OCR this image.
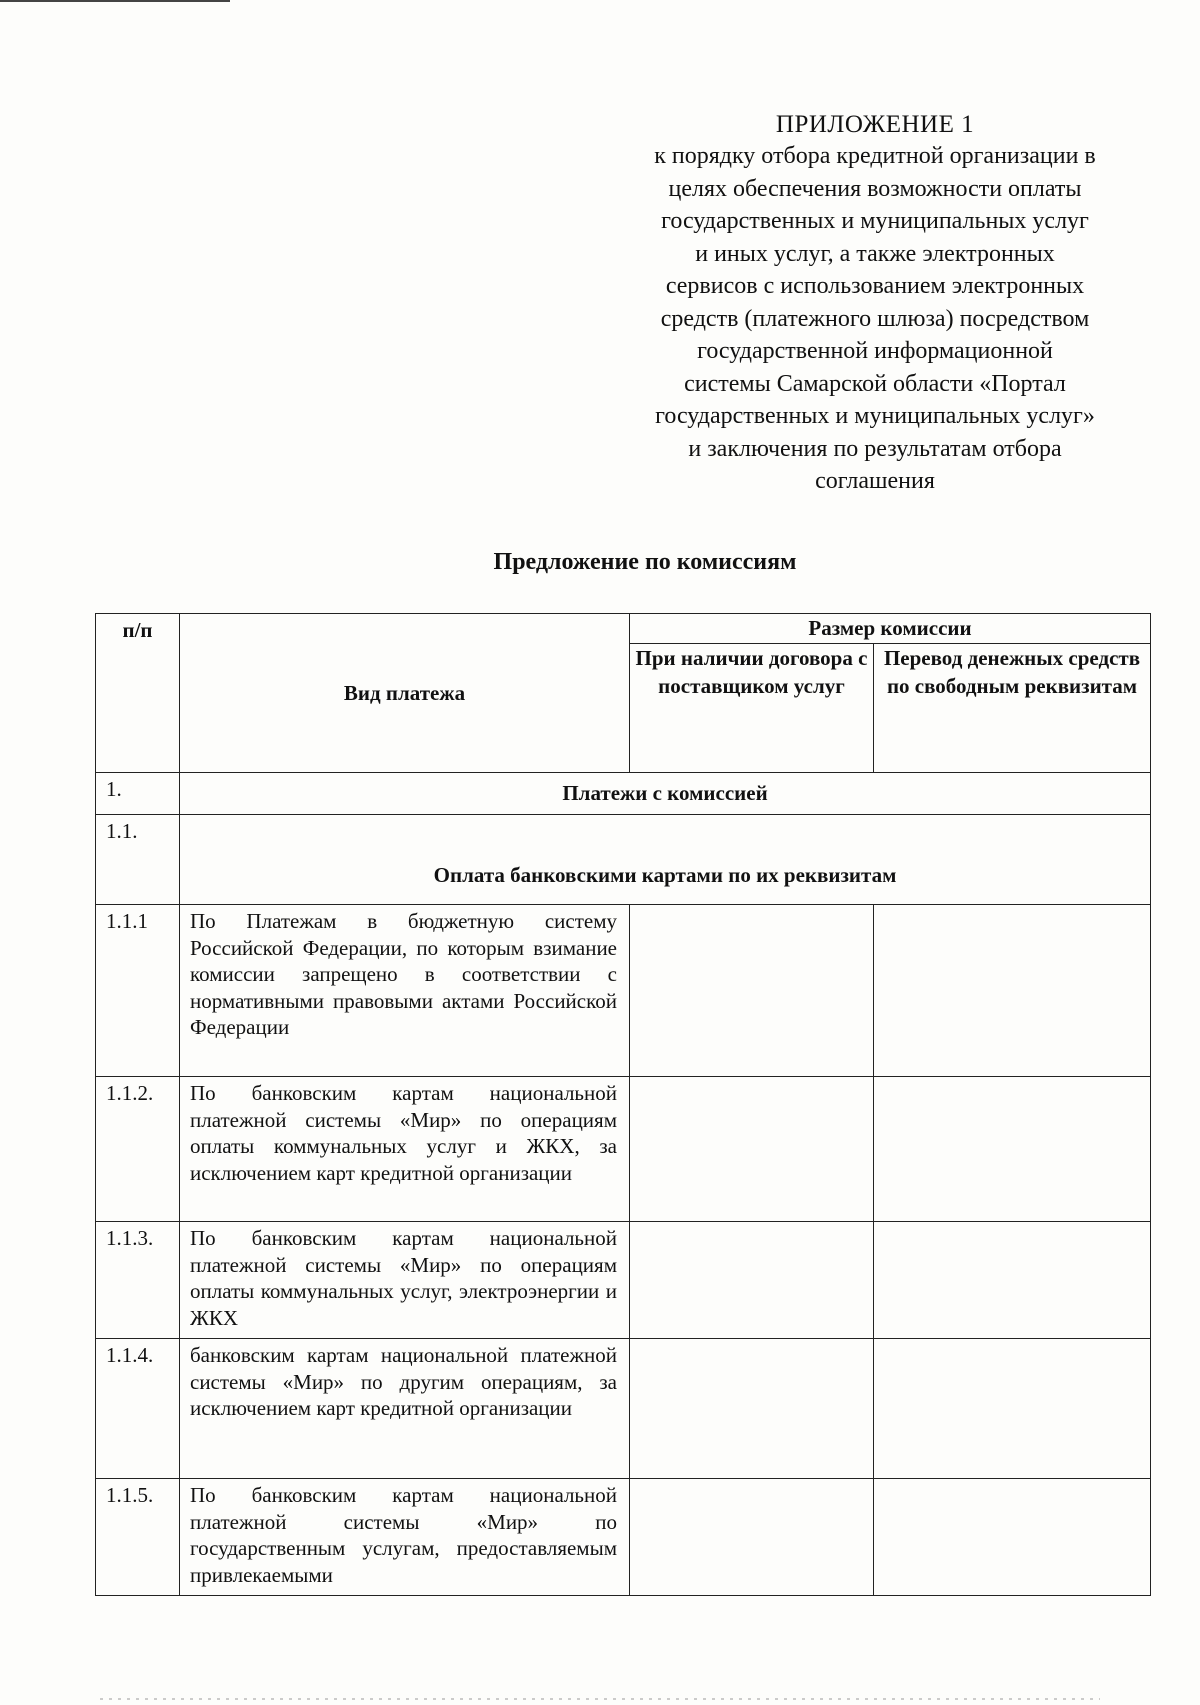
ПРИЛОЖЕНИЕ 1
к порядку отбора кредитной организации в
целях обеспечения возможности оплаты
государственных и муниципальных услуг
и иных услуг, а также электронных
сервисов с использованием электронных
средств (платежного шлюза) посредством
государственной информационной
системы Самарской области «Портал
государственных и муниципальных услуг»
и заключения по результатам отбора
соглашения
Предложение по комиссиям
п/п	Вид платежа	Размер комиссии	
		При наличии договора с поставщиком услуг	Перевод денежных средств по свободным реквизитам
1.	Платежи с комиссией		
1.1.	Оплата банковскими картами по их реквизитам		
1.1.1	По Платежам в бюджетную систему Российской Федерации, по которым взимание комиссии запрещено в соответствии с нормативными правовыми актами Российской Федерации		
1.1.2.	По банковским картам национальной платежной системы «Мир» по операциям оплаты коммунальных услуг и ЖКХ, за исключением карт кредитной организации		
1.1.3.	По банковским картам национальной платежной системы «Мир» по операциям оплаты коммунальных услуг, электроэнергии и ЖКХ		
1.1.4.	банковским картам национальной платежной системы «Мир» по другим операциям, за исключением карт кредитной организации		
1.1.5.	По банковским картам национальной платежной системы «Мир» по государственным услугам, предоставляемым привлекаемыми		
